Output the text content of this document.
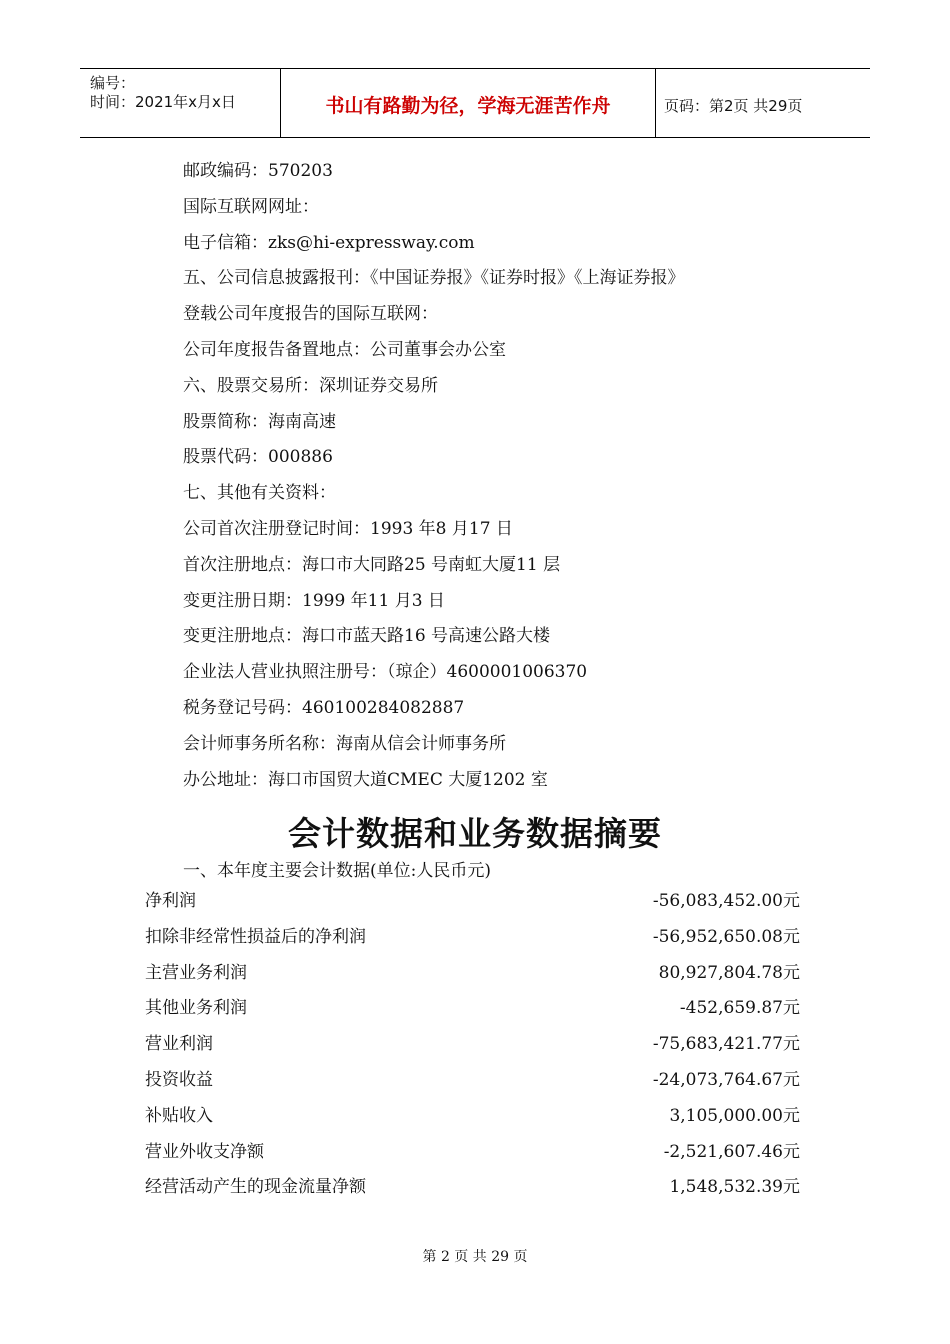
编号：
时间：2021年x月x日	书山有路勤为径，学海无涯苦作舟	页码：第2页 共29页
邮政编码：570203
国际互联网网址：
电子信箱：zks@hi-expressway.com
五、公司信息披露报刊：《中国证券报》《证券时报》《上海证券报》
登载公司年度报告的国际互联网：
公司年度报告备置地点：公司董事会办公室
六、股票交易所：深圳证券交易所
股票简称：海南高速
股票代码：000886
七、其他有关资料：
公司首次注册登记时间：1993 年8 月17 日
首次注册地点：海口市大同路25 号南虹大厦11 层
变更注册日期：1999 年11 月3 日
变更注册地点：海口市蓝天路16 号高速公路大楼
企业法人营业执照注册号：（琼企）4600001006370
税务登记号码：460100284082887
会计师事务所名称：海南从信会计师事务所
办公地址：海口市国贸大道CMEC 大厦1202 室
会计数据和业务数据摘要
一、本年度主要会计数据(单位:人民币元)
净利润	-56,083,452.00元
扣除非经常性损益后的净利润	-56,952,650.08元
主营业务利润	80,927,804.78元
其他业务利润	-452,659.87元
营业利润	-75,683,421.77元
投资收益	-24,073,764.67元
补贴收入	3,105,000.00元
营业外收支净额	-2,521,607.46元
经营活动产生的现金流量净额	1,548,532.39元
第 2 页 共 29 页
